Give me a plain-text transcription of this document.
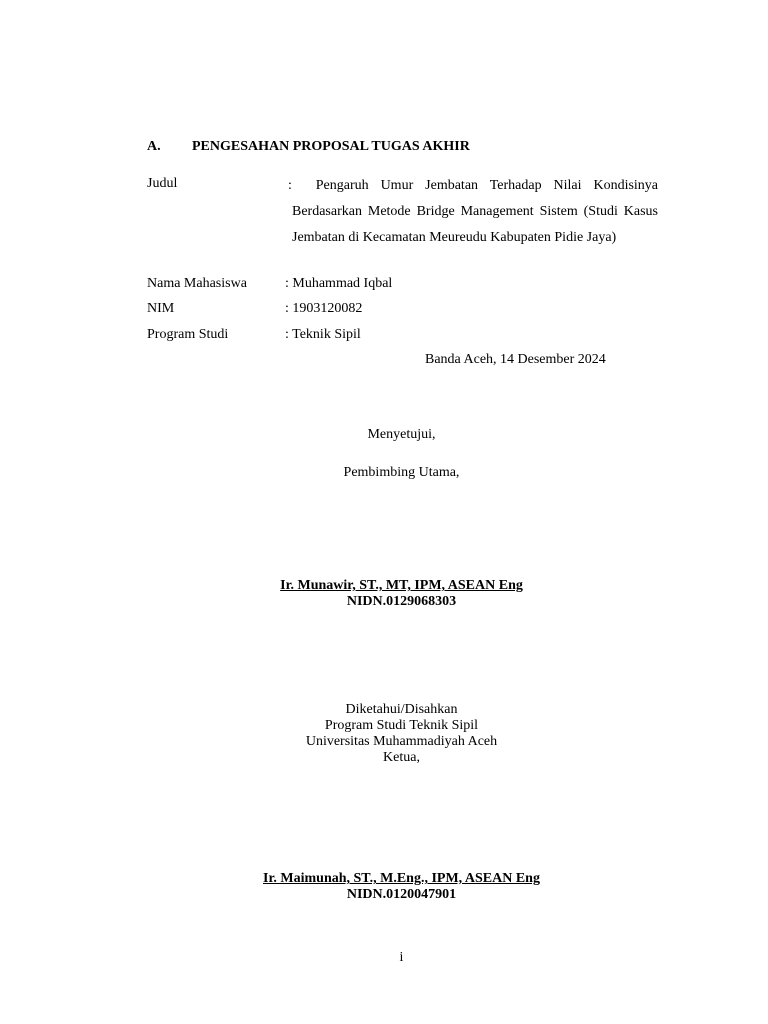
A. PENGESAHAN PROPOSAL TUGAS AKHIR
Judul	: Pengaruh Umur Jembatan Terhadap Nilai Kondisinya Berdasarkan Metode Bridge Management Sistem (Studi Kasus Jembatan di Kecamatan Meureudu Kabupaten Pidie Jaya)

Nama Mahasiswa	: Muhammad Iqbal
NIM	: 1903120082
Program Studi	: Teknik Sipil
Banda Aceh, 14 Desember 2024
Menyetujui,
Pembimbing Utama,
Ir. Munawir, ST., MT, IPM, ASEAN Eng
NIDN.0129068303
Diketahui/Disahkan
Program Studi Teknik Sipil
Universitas Muhammadiyah Aceh
Ketua,
Ir. Maimunah, ST., M.Eng., IPM, ASEAN Eng
NIDN.0120047901
i
